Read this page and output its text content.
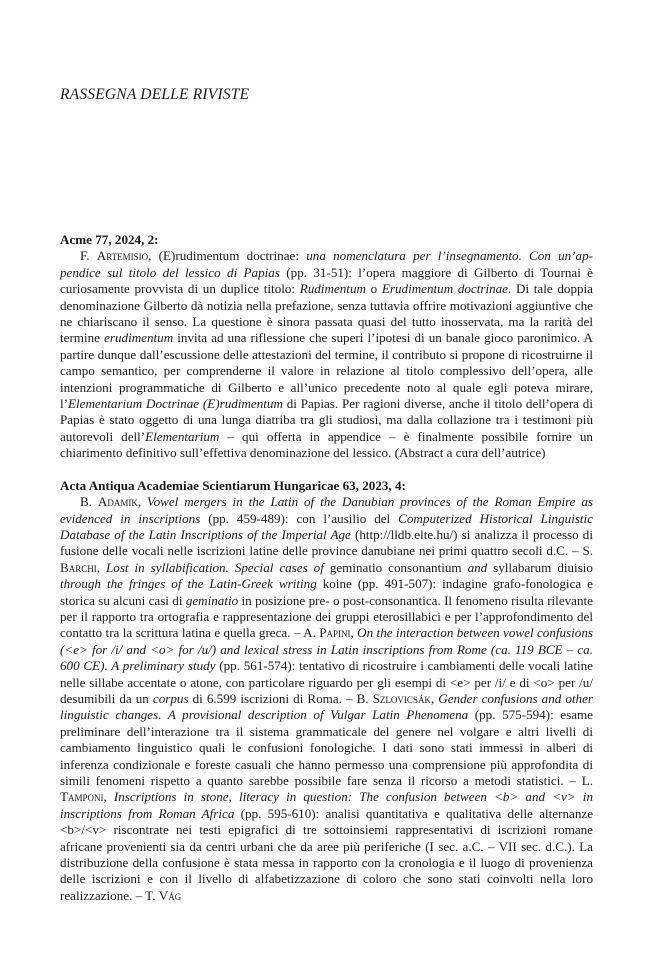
RASSEGNA DELLE RIVISTE

Acme 77, 2024, 2:

F. Artemisio, (E)rudimentum doctrinae: una nomenclatura per l’insegnamento. Con un’appendice sul titolo del lessico di Papias (pp. 31-51): l’opera maggiore di Gilberto di Tournai è curiosamente provvista di un duplice titolo: Rudimentum o Erudimentum doctrinae. Di tale doppia denominazione Gilberto dà notizia nella prefazione, senza tuttavia offrire motivazioni aggiuntive che ne chiariscano il senso. La questione è sinora passata quasi del tutto inosservata, ma la rarità del termine erudimentum invita ad una riflessione che superi l’ipotesi di un banale gioco paronimico. A partire dunque dall’escussione delle attestazioni del termine, il contributo si propone di ricostruirne il campo semantico, per comprenderne il valore in relazione al titolo complessivo dell’opera, alle intenzioni programmatiche di Gilberto e all’unico precedente noto al quale egli poteva mirare, l’Elementarium Doctrinae (E)rudimentum di Papias. Per ragioni diverse, anche il titolo dell’opera di Papias è stato oggetto di una lunga diatriba tra gli studiosi, ma dalla collazione tra i testimoni più autorevoli dell’Elementarium – qui offerta in appendice – è finalmente possibile fornire un chiarimento definitivo sull’effettiva denominazione del lessico. (Abstract a cura dell’autrice)

Acta Antiqua Academiae Scientiarum Hungaricae 63, 2023, 4:

B. Adamik, Vowel mergers in the Latin of the Danubian provinces of the Roman Empire as evidenced in inscriptions (pp. 459-489): con l’ausilio del Computerized Historical Linguistic Database of the Latin Inscriptions of the Imperial Age (http://lldb.elte.hu/) si analizza il processo di fusione delle vocali nelle iscrizioni latine delle province danubiane nei primi quattro secoli d.C. – S. Barchi, Lost in syllabification. Special cases of geminatio consonantium and syllabarum diuisio through the fringes of the Latin-Greek writing koine (pp. 491-507): indagine grafo-fonologica e storica su alcuni casi di geminatio in posizione pre- o post-consonantica. Il fenomeno risulta rilevante per il rapporto tra ortografia e rappresentazione dei gruppi eterosillabici e per l’approfondimento del contatto tra la scrittura latina e quella greca. – A. Papini, On the interaction between vowel confusions (<e> for /i/ and <o> for /u/) and lexical stress in Latin inscriptions from Rome (ca. 119 BCE – ca. 600 CE). A preliminary study (pp. 561-574): tentativo di ricostruire i cambiamenti delle vocali latine nelle sillabe accentate o atone, con particolare riguardo per gli esempi di <e> per /i/ e di <o> per /u/ desumibili da un corpus di 6.599 iscrizioni di Roma. – B. Szlovicsák, Gender confusions and other linguistic changes. A provisional description of Vulgar Latin Phenomena (pp. 575-594): esame preliminare dell’interazione tra il sistema grammaticale del genere nel volgare e altri livelli di cambiamento linguistico quali le confusioni fonologiche. I dati sono stati immessi in alberi di inferenza condizionale e foreste casuali che hanno permesso una comprensione più approfondita di simili fenomeni rispetto a quanto sarebbe possibile fare senza il ricorso a metodi statistici. – L. Tamponi, Inscriptions in stone, literacy in question: The confusion between <b> and <v> in inscriptions from Roman Africa (pp. 595-610): analisi quantitativa e qualitativa delle alternanze <b>/<v> riscontrate nei testi epigrafici di tre sottoinsiemi rappresentativi di iscrizioni romane africane provenienti sia da centri urbani che da aree più periferiche (I sec. a.C. – VII sec. d.C.). La distribuzione della confusione è stata messa in rapporto con la cronologia e il luogo di provenienza delle iscrizioni e con il livello di alfabetizzazione di coloro che sono stati coinvolti nella loro realizzazione. – T. Vág
